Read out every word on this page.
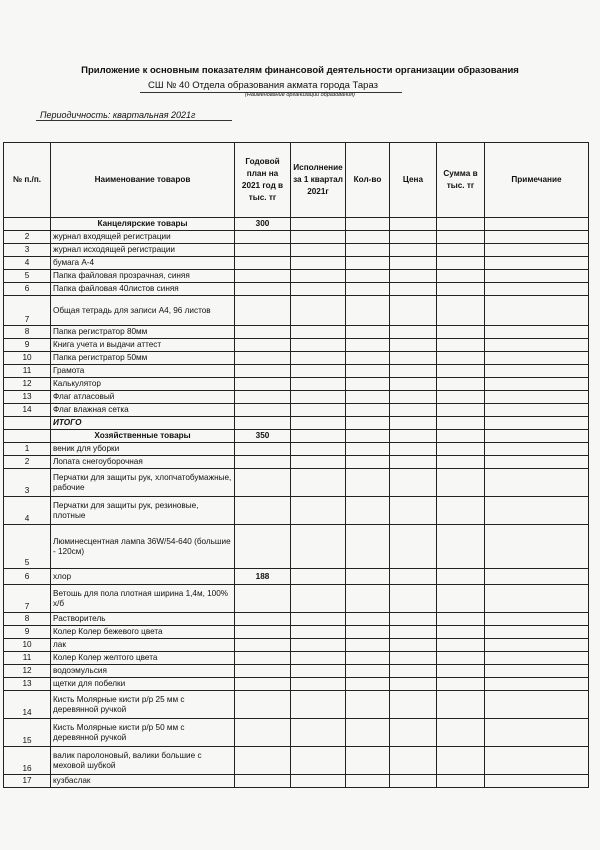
Приложение к основным показателям финансовой деятельности организации образования
СШ № 40 Отдела образования акмата города Тараз
(Наименование организации образования)
Периодичность: квартальная 2021г
№ п./п.	Наименование товаров	Годовой план на 2021 год в тыс. тг	Исполнение за 1 квартал 2021г	Кол-во	Цена	Сумма в тыс. тг	Примечание
	Канцелярские товары	300					
2	журнал входящей регистрации						
3	журнал исходящей регистрации						
4	бумага А-4						
5	Папка файловая прозрачная, синяя						
6	Папка файловая 40листов синяя						
7	Общая тетрадь для записи А4, 96 листов						
8	Папка регистратор 80мм						
9	Книга учета и выдачи аттест						
10	Папка регистратор 50мм						
11	Грамота						
12	Калькулятор						
13	Флаг атласовый						
14	Флаг влажная сетка						
	ИТОГО						
	Хозяйственные товары	350					
1	веник для уборки						
2	Лопата снегоуборочная						
3	Перчатки для защиты рук, хлопчатобумажные, рабочие						
4	Перчатки для защиты рук, резиновые, плотные						
5	Люминесцентная лампа 36W/54-640 (большие - 120см)						
6	хлор	188					
7	Ветошь для пола плотная ширина 1,4м, 100% х/б						
8	Растворитель						
9	Колер Колер бежевого цвета						
10	лак						
11	Колер Колер желтого цвета						
12	водоэмульсия						
13	щетки для побелки						
14	Кисть Молярные кисти р/р 25 мм с деревянной ручкой						
15	Кисть Молярные кисти р/р 50 мм с деревянной ручкой						
16	валик паролоновый, валики большие с меховой шубкой						
17	кузбаслак						
